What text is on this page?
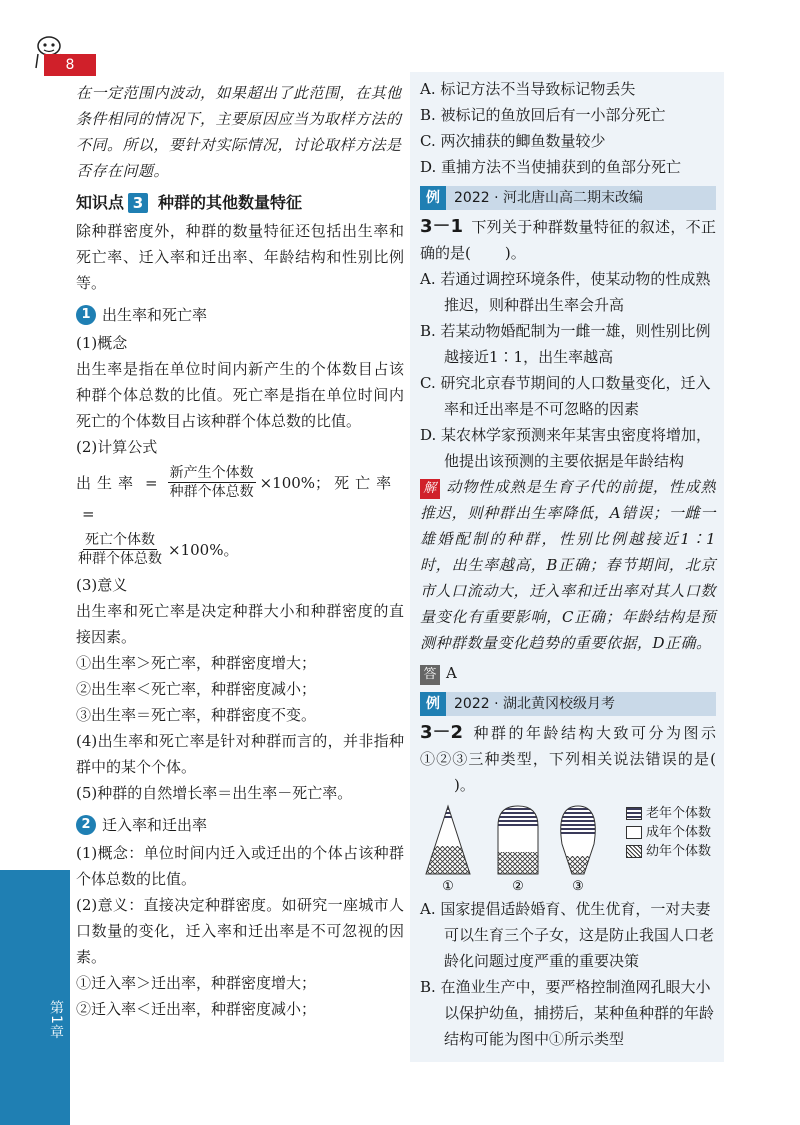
8
第1章

在一定范围内波动，如果超出了此范围，在其他

条件相同的情况下，主要原因应当为取样方法的

不同。所以，要针对实际情况，讨论取样方法是

否存在问题。

知识点 3 种群的其他数量特征

除种群密度外，种群的数量特征还包括出生率和死亡率、迁入率和迁出率、年龄结构和性别比例等。

1 出生率和死亡率

(1)概念

出生率是指在单位时间内新产生的个体数目占该种群个体总数的比值。死亡率是指在单位时间内死亡的个体数目占该种群个体总数的比值。

(2)计算公式

出生率 = $\frac{\text{新产生个体数}}{\text{种群个体总数}} \times 100\%$ ； 死亡率
=
$\frac{\text{死亡个体数}}{\text{种群个体总数}} \times 100\%$ 。

(3)意义

出生率和死亡率是决定种群大小和种群密度的直接因素。

①出生率＞死亡率，种群密度增大；

②出生率＜死亡率，种群密度减小；

③出生率＝死亡率，种群密度不变。

(4)出生率和死亡率是针对种群而言的，并非指种群中的某个个体。

(5)种群的自然增长率＝出生率－死亡率。

2 迁入率和迁出率

(1)概念：单位时间内迁入或迁出的个体占该种群个体总数的比值。

(2)意义：直接决定种群密度。如研究一座城市人口数量的变化，迁入率和迁出率是不可忽视的因素。

①迁入率＞迁出率，种群密度增大；

②迁入率＜迁出率，种群密度减小；

A. 标记方法不当导致标记物丢失

B. 被标记的鱼放回后有一小部分死亡

C. 两次捕获的鲫鱼数量较少

D. 重捕方法不当使捕获到的鱼部分死亡

例	2022 · 河北唐山高二期末改编

3－1 下列关于种群数量特征的叙述，不正确的是( )。

A. 若通过调控环境条件，使某动物的性成熟推迟，则种群出生率会升高

B. 若某动物婚配制为一雌一雄，则性别比例越接近1∶1，出生率越高

C. 研究北京春节期间的人口数量变化，迁入率和迁出率是不可忽略的因素

D. 某农林学家预测来年某害虫密度将增加，他提出该预测的主要依据是年龄结构

解 动物性成熟是生育子代的前提，性成熟推迟，则种群出生率降低，A错误；一雌一雄婚配制的种群，性别比例越接近1∶1时，出生率越高，B正确；春节期间，北京市人口流动大，迁入率和迁出率对其人口数量变化有重要影响，C正确；年龄结构是预测种群数量变化趋势的重要依据，D正确。

答 A

例	2022 · 湖北黄冈校级月考

3－2 种群的年龄结构大致可分为图示①②③三种类型，下列相关说法错误的是()。

①	②	③
老年个体数
成年个体数
幼年个体数

A. 国家提倡适龄婚育、优生优育，一对夫妻可以生育三个子女，这是防止我国人口老龄化问题过度严重的重要决策

B. 在渔业生产中，要严格控制渔网孔眼大小以保护幼鱼，捕捞后，某种鱼种群的年龄结构可能为图中①所示类型
